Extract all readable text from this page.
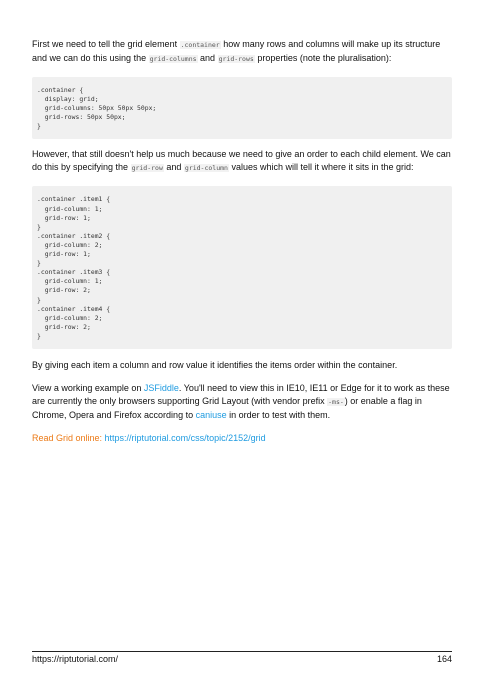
First we need to tell the grid element .container how many rows and columns will make up its structure and we can do this using the grid-columns and grid-rows properties (note the pluralisation):

.container {
display: grid;
grid-columns: 50px 50px 50px;
grid-rows: 50px 50px;
}

However, that still doesn't help us much because we need to give an order to each child element. We can do this by specifying the grid-row and grid-column values which will tell it where it sits in the grid:

.container .item1 {
grid-column: 1;
grid-row: 1;
}
.container .item2 {
grid-column: 2;
grid-row: 1;
}
.container .item3 {
grid-column: 1;
grid-row: 2;
}
.container .item4 {
grid-column: 2;
grid-row: 2;
}

By giving each item a column and row value it identifies the items order within the container.

View a working example on JSFiddle. You'll need to view this in IE10, IE11 or Edge for it to work as these are currently the only browsers supporting Grid Layout (with vendor prefix -ms-) or enable a flag in Chrome, Opera and Firefox according to caniuse in order to test with them.

Read Grid online: https://riptutorial.com/css/topic/2152/grid

https://riptutorial.com/	164
